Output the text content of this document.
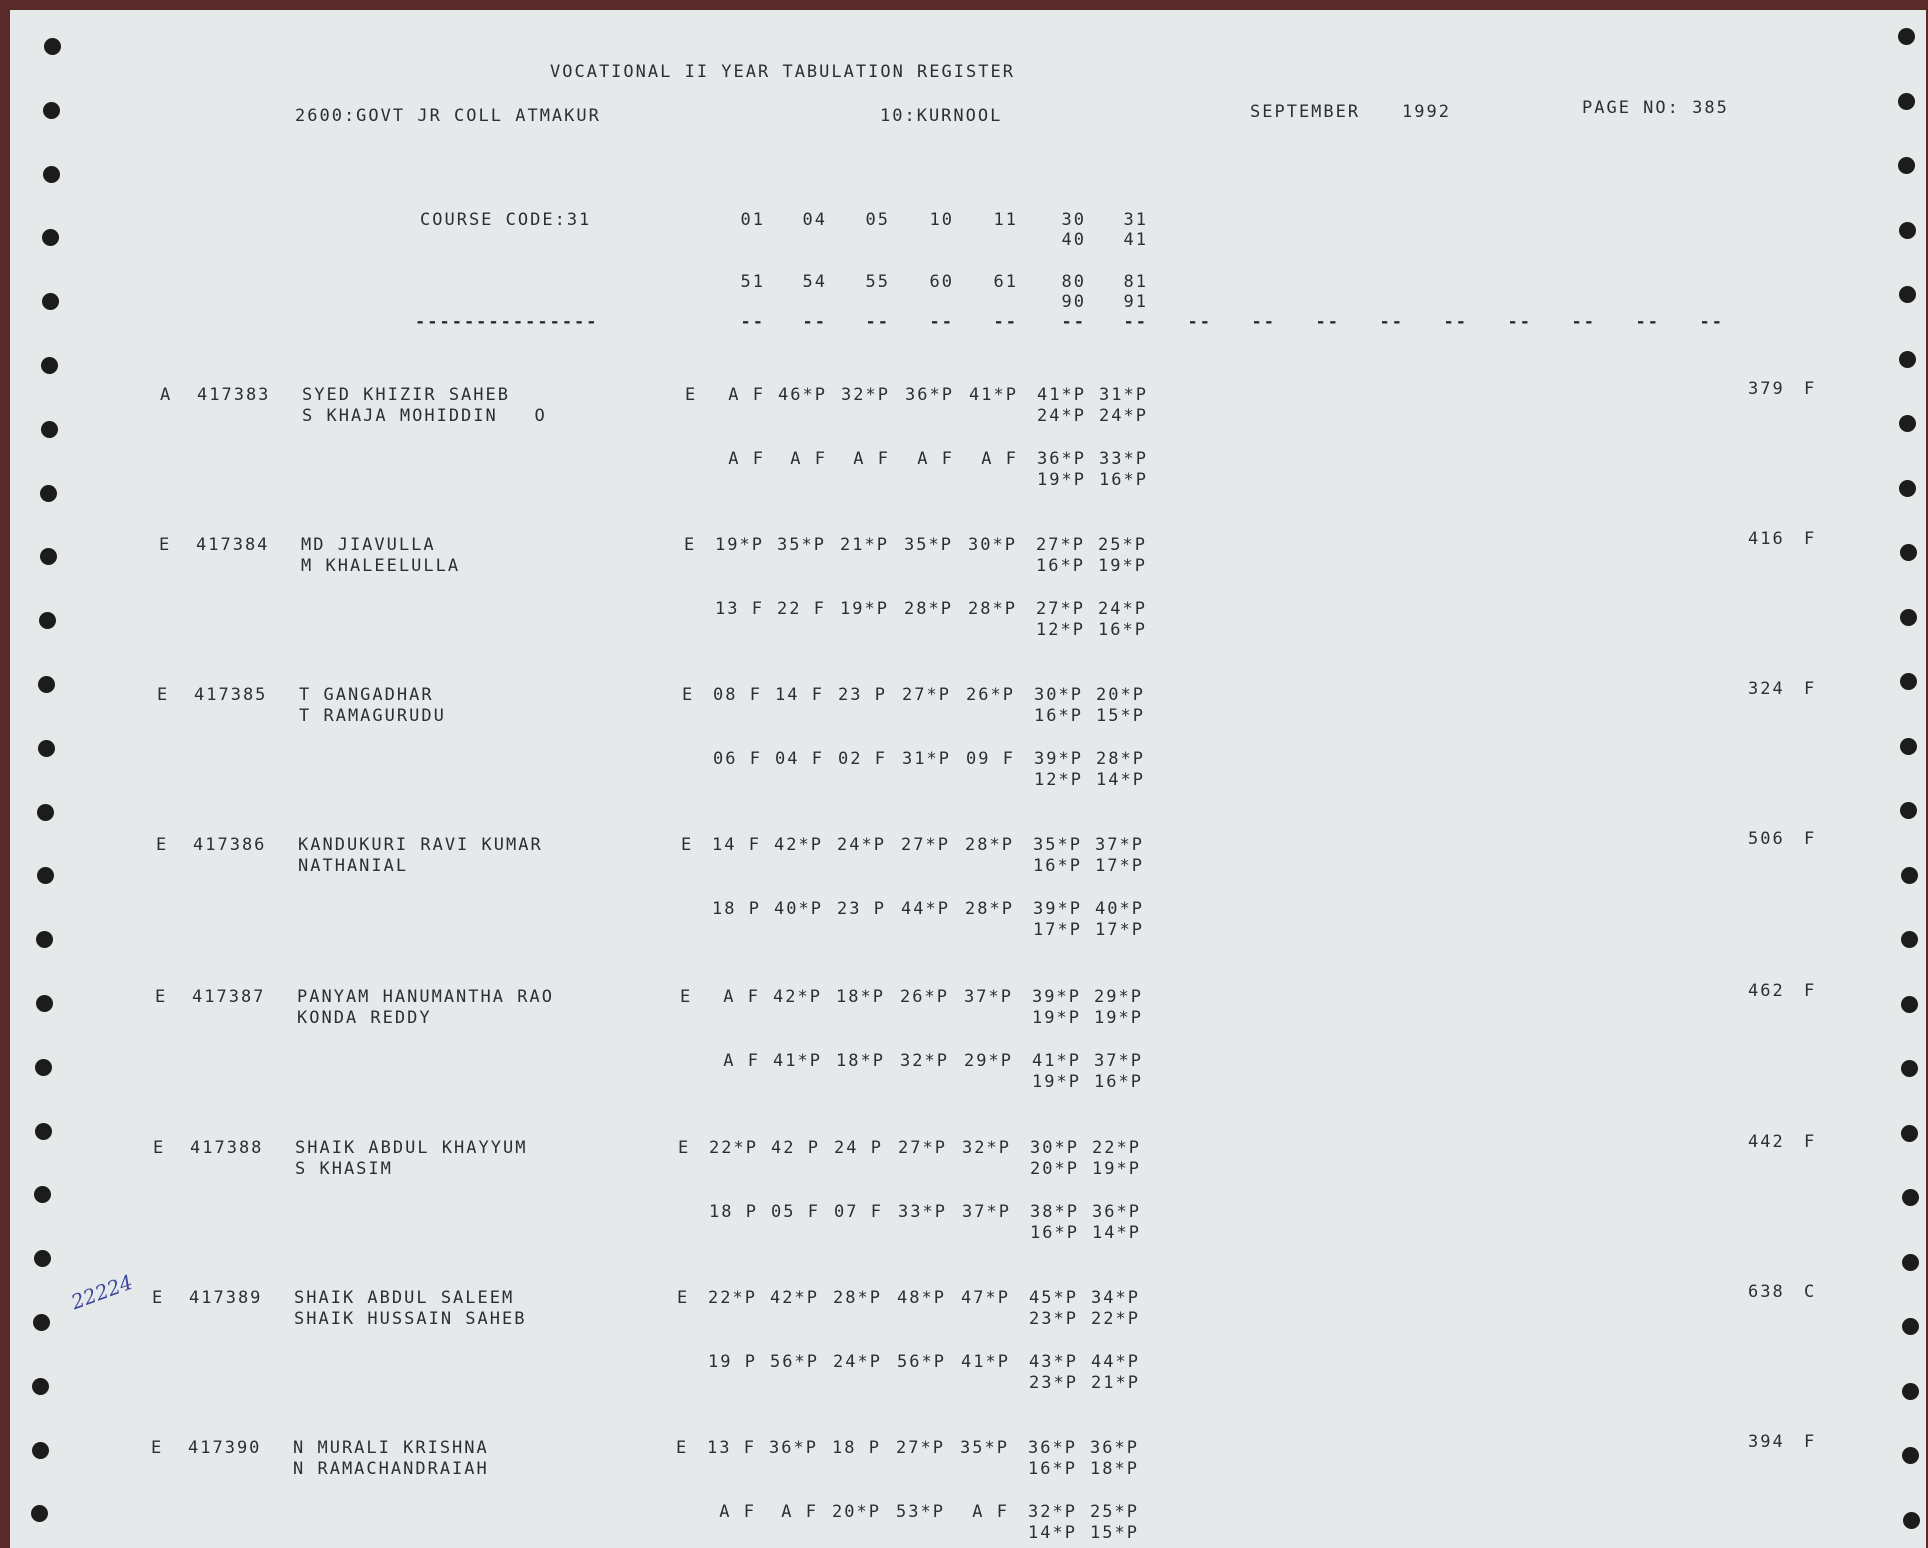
VOCATIONAL II YEAR TABULATION REGISTER
2600:GOVT JR COLL ATMAKUR	10:KURNOOL	SEPTEMBER 1992	PAGE NO: 385
COURSE CODE:31
---------------
01	04	05	10	11	30	31
40	41
51	54	55	60	61	80	81
90	91
--	--	--	--	--	--	--	--	--	--	--	--	--	--	--	--
A 417383 SYED KHIZIR SAHEB
S KHAJA MOHIDDIN   O
E	A F 46*P 32*P 36*P 41*P	41*P 31*P
24*P 24*P
A F	A F	A F	A F	A F	36*P 33*P
19*P 16*P
379 F
E 417384 MD JIAVULLA
M KHALEELULLA
E	19*P 35*P 21*P 35*P 30*P	27*P 25*P
16*P 19*P
13 F 22 F 19*P 28*P 28*P	27*P 24*P
12*P 16*P
416 F
E 417385 T GANGADHAR
T RAMAGURUDU
E	08 F 14 F 23 P 27*P 26*P	30*P 20*P
16*P 15*P
06 F 04 F 02 F 31*P 09 F	39*P 28*P
12*P 14*P
324 F
E 417386 KANDUKURI RAVI KUMAR
NATHANIAL
E	14 F 42*P 24*P 27*P 28*P	35*P 37*P
16*P 17*P
18 P 40*P 23 P 44*P 28*P	39*P 40*P
17*P 17*P
506 F
E 417387 PANYAM HANUMANTHA RAO
KONDA REDDY
E	A F 42*P 18*P 26*P 37*P	39*P 29*P
19*P 19*P
A F 41*P 18*P 32*P 29*P	41*P 37*P
19*P 16*P
462 F
E 417388 SHAIK ABDUL KHAYYUM
S KHASIM
E	22*P 42 P 24 P 27*P 32*P	30*P 22*P
20*P 19*P
18 P 05 F 07 F 33*P 37*P	38*P 36*P
16*P 14*P
442 F
E 417389 SHAIK ABDUL SALEEM
SHAIK HUSSAIN SAHEB
E	22*P 42*P 28*P 48*P 47*P	45*P 34*P
23*P 22*P
19 P 56*P 24*P 56*P 41*P	43*P 44*P
23*P 21*P
638 C
E 417390 N MURALI KRISHNA
N RAMACHANDRAIAH
E	13 F 36*P 18 P 27*P 35*P	36*P 36*P
16*P 18*P
A F	A F 20*P 53*P	A F	32*P 25*P
14*P 15*P
394 F
22224
